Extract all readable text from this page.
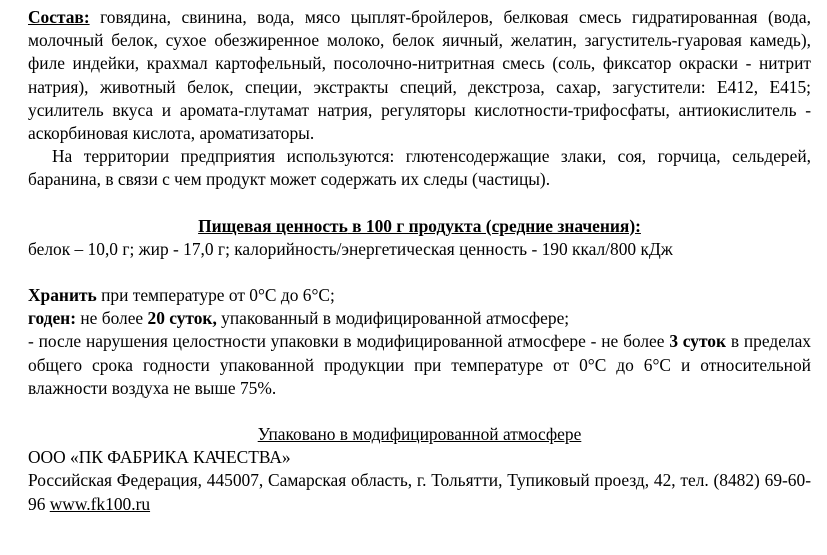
Состав: говядина, свинина, вода, мясо цыплят-бройлеров, белковая смесь гидратированная (вода, молочный белок, сухое обезжиренное молоко, белок яичный, желатин, загуститель-гуаровая камедь), филе индейки, крахмал картофельный, посолочно-нитритная смесь (соль, фиксатор окраски - нитрит натрия), животный белок, специи, экстракты специй, декстроза, сахар, загустители: Е412, Е415; усилитель вкуса и аромата-глутамат натрия, регуляторы кислотности-трифосфаты, антиокислитель - аскорбиновая кислота, ароматизаторы.

На территории предприятия используются: глютенсодержащие злаки, соя, горчица, сельдерей, баранина, в связи с чем продукт может содержать их следы (частицы).

Пищевая ценность в 100 г продукта (средние значения):

белок – 10,0 г; жир - 17,0 г; калорийность/энергетическая ценность - 190 ккал/800 кДж

Хранить при температуре от 0°С до 6°С;

годен: не более 20 суток, упакованный в модифицированной атмосфере;

- после нарушения целостности упаковки в модифицированной атмосфере - не более 3 суток в пределах общего срока годности упакованной продукции при температуре от 0°С до 6°С и относительной влажности воздуха не выше 75%.

Упаковано в модифицированной атмосфере

ООО «ПК ФАБРИКА КАЧЕСТВА»

Российская Федерация, 445007, Самарская область, г. Тольятти, Тупиковый проезд, 42, тел. (8482) 69-60-96 www.fk100.ru
